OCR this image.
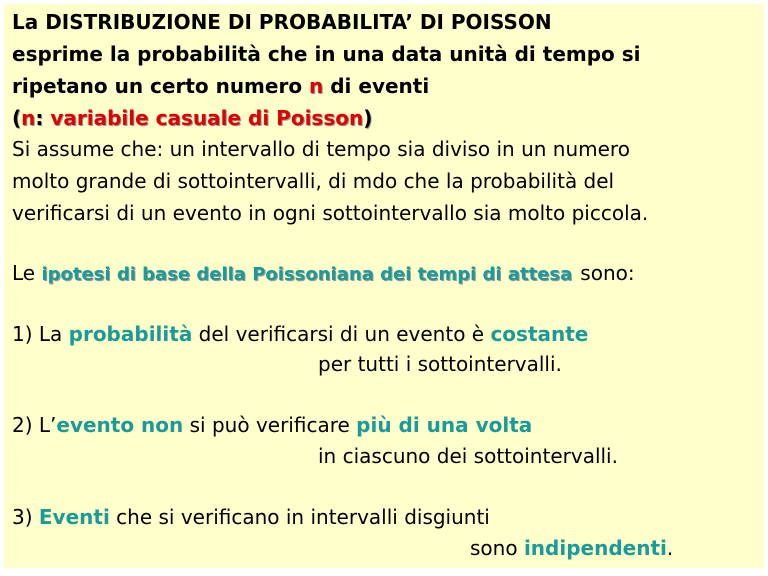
La DISTRIBUZIONE DI PROBABILITA’ DI POISSON
esprime la probabilità che in una data unità di tempo si
ripetano un certo numero n di eventi
(n: variabile casuale di Poisson)
Si assume che: un intervallo di tempo sia diviso in un numero
molto grande di sottointervalli, di mdo che la probabilità del
verificarsi di un evento in ogni sottointervallo sia molto piccola.
Le ipotesi di base della Poissoniana dei tempi di attesa sono:
1) La probabilità del verificarsi di un evento è costante
per tutti i sottointervalli.
2) L’evento non si può verificare più di una volta
in ciascuno dei sottointervalli.
3) Eventi che si verificano in intervalli disgiunti
sono indipendenti.
